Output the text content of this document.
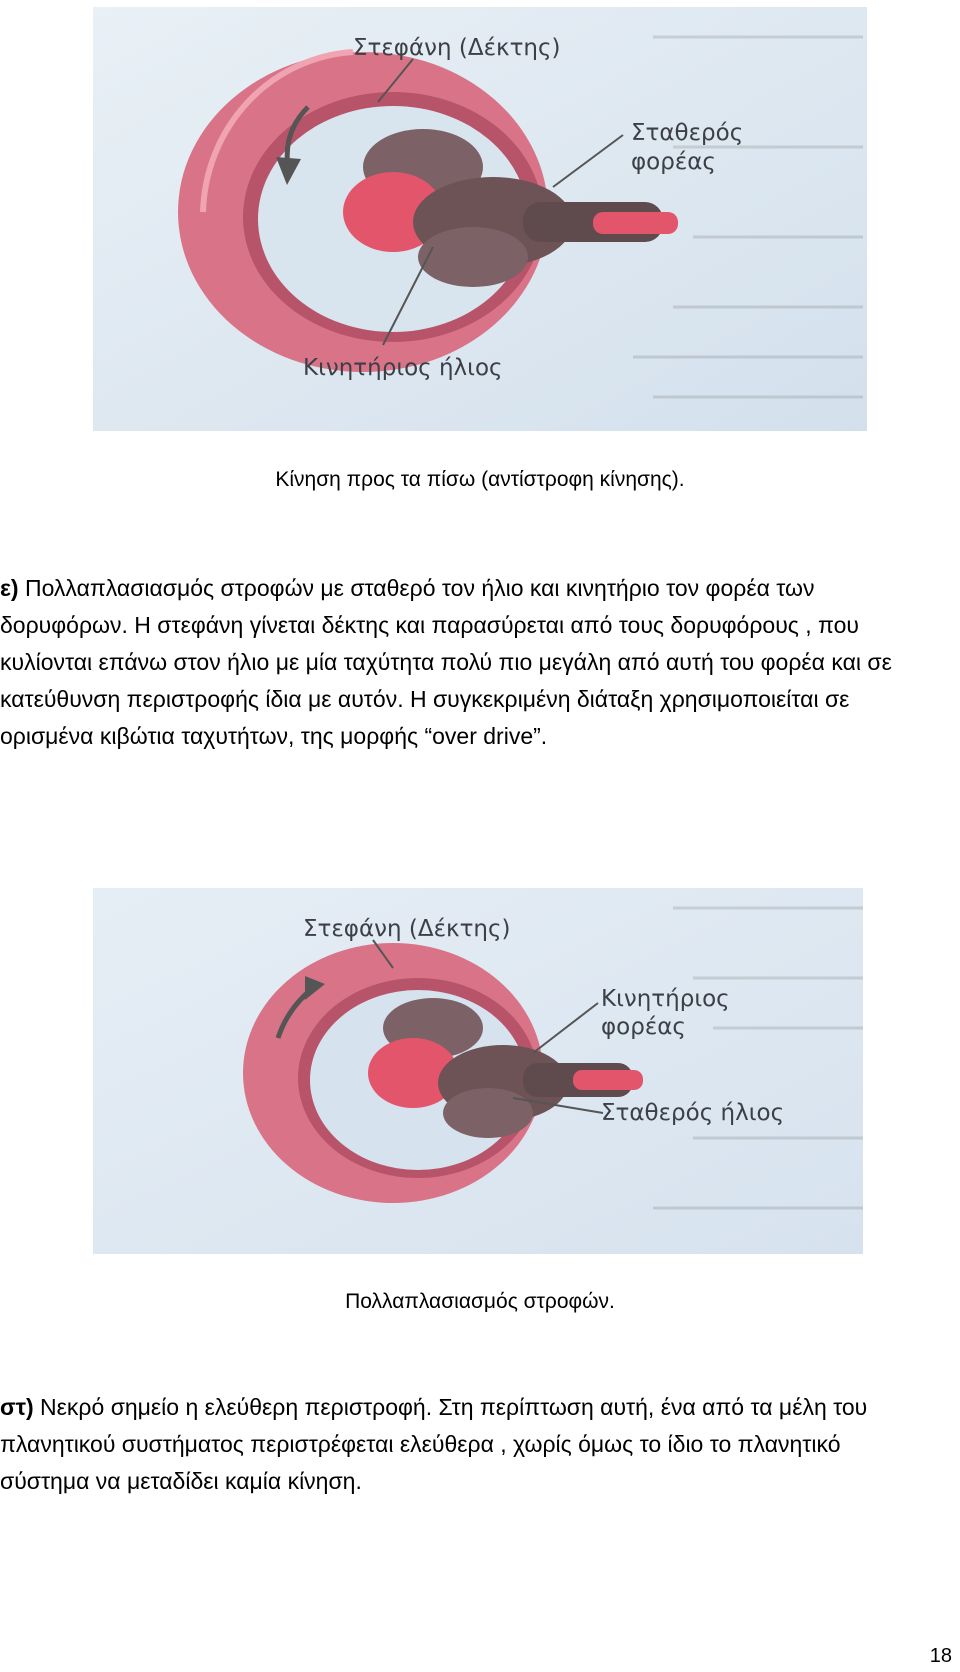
Στεφάνη (Δέκτης)
Σταθερός
φορέας
Κινητήριος ήλιος
Κίνηση προς τα πίσω (αντίστροφη κίνησης).

ε) Πολλαπλασιασμός στροφών με σταθερό τον ήλιο και κινητήριο τον φορέα των δορυφόρων. Η στεφάνη γίνεται δέκτης και παρασύρεται από τους δορυφόρους , που κυλίονται επάνω στον ήλιο με μία ταχύτητα πολύ πιο μεγάλη από αυτή του φορέα και σε κατεύθυνση περιστροφής ίδια με αυτόν. Η συγκεκριμένη διάταξη χρησιμοποιείται σε ορισμένα κιβώτια ταχυτήτων, της μορφής “over drive”.

Στεφάνη (Δέκτης)
Κινητήριος
φορέας
Σταθερός ήλιος
Πολλαπλασιασμός στροφών.

στ) Νεκρό σημείο η ελεύθερη περιστροφή. Στη περίπτωση αυτή, ένα από τα μέλη του πλανητικού συστήματος περιστρέφεται ελεύθερα , χωρίς όμως το ίδιο το πλανητικό σύστημα να μεταδίδει καμία κίνηση.

18
